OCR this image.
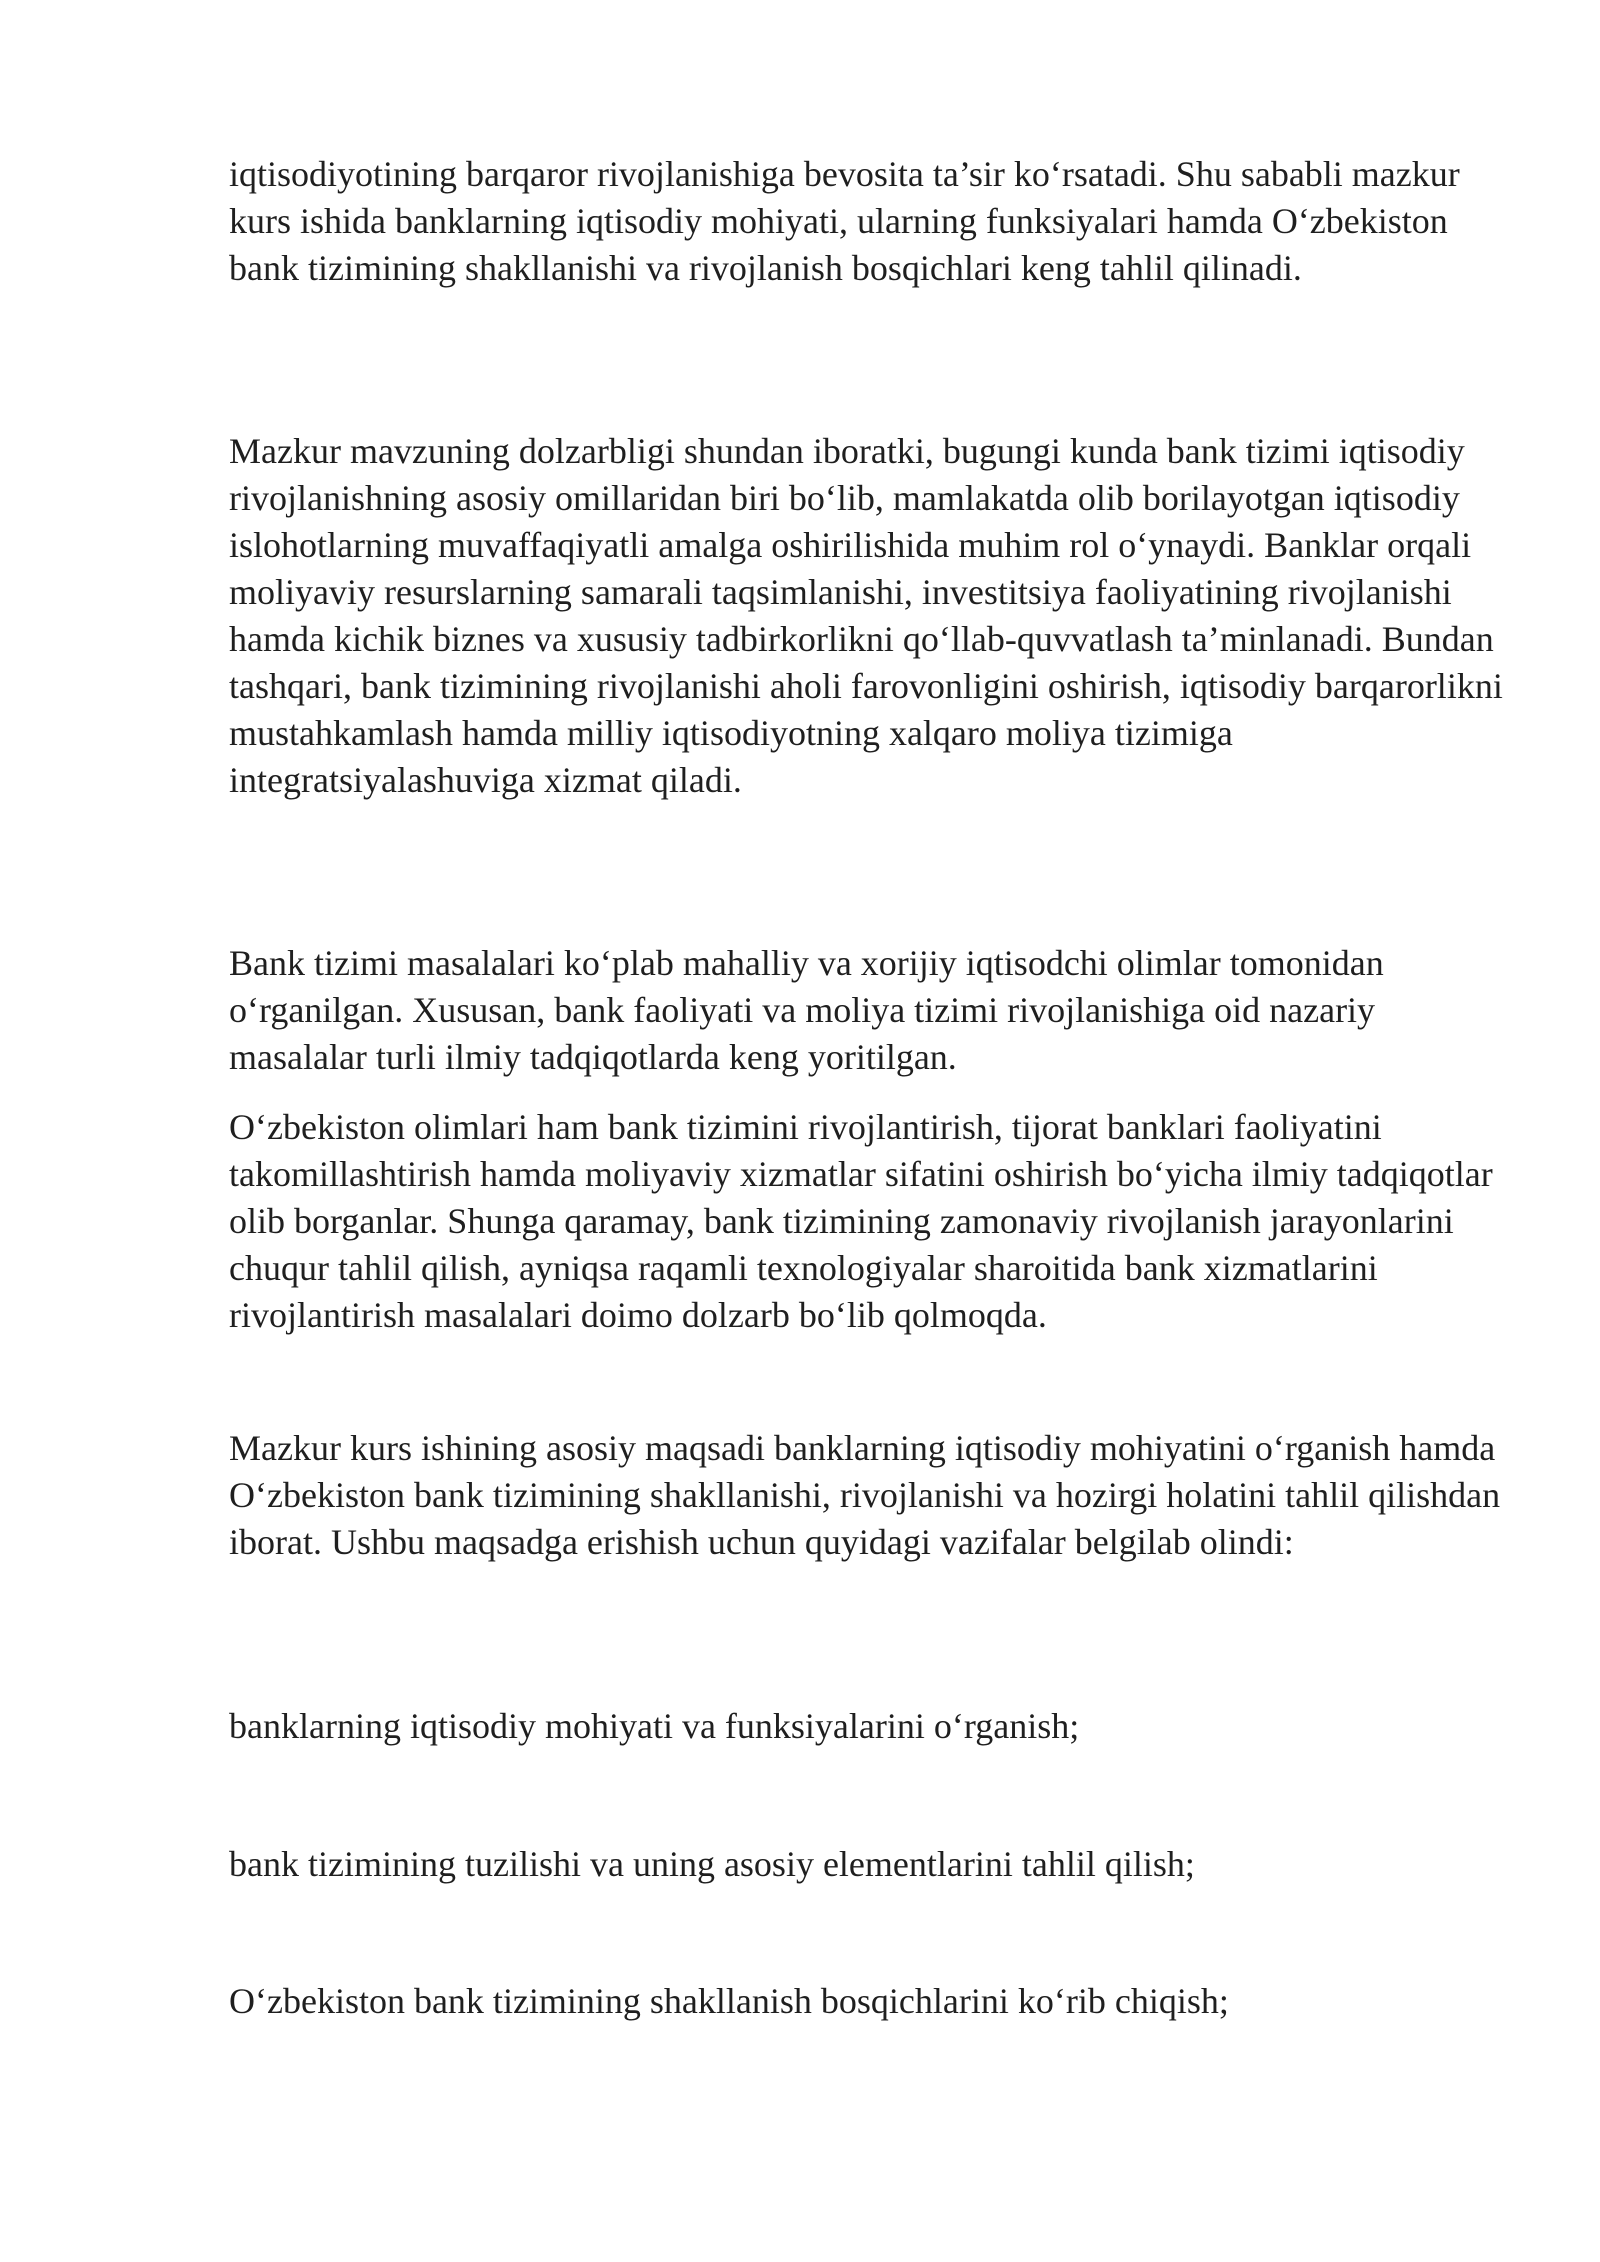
iqtisodiyotining barqaror rivojlanishiga bevosita ta’sir ko‘rsatadi. Shu sababli mazkur kurs ishida banklarning iqtisodiy mohiyati, ularning funksiyalari hamda O‘zbekiston bank tizimining shakllanishi va rivojlanish bosqichlari keng tahlil qilinadi.

Mazkur mavzuning dolzarbligi shundan iboratki, bugungi kunda bank tizimi iqtisodiy rivojlanishning asosiy omillaridan biri bo‘lib, mamlakatda olib borilayotgan iqtisodiy islohotlarning muvaffaqiyatli amalga oshirilishida muhim rol o‘ynaydi. Banklar orqali moliyaviy resurslarning samarali taqsimlanishi, investitsiya faoliyatining rivojlanishi hamda kichik biznes va xususiy tadbirkorlikni qo‘llab-quvvatlash ta’minlanadi. Bundan tashqari, bank tizimining rivojlanishi aholi farovonligini oshirish, iqtisodiy barqarorlikni mustahkamlash hamda milliy iqtisodiyotning xalqaro moliya tizimiga integratsiyalashuviga xizmat qiladi.

Bank tizimi masalalari ko‘plab mahalliy va xorijiy iqtisodchi olimlar tomonidan o‘rganilgan. Xususan, bank faoliyati va moliya tizimi rivojlanishiga oid nazariy masalalar turli ilmiy tadqiqotlarda keng yoritilgan.

O‘zbekiston olimlari ham bank tizimini rivojlantirish, tijorat banklari faoliyatini takomillashtirish hamda moliyaviy xizmatlar sifatini oshirish bo‘yicha ilmiy tadqiqotlar olib borganlar. Shunga qaramay, bank tizimining zamonaviy rivojlanish jarayonlarini chuqur tahlil qilish, ayniqsa raqamli texnologiyalar sharoitida bank xizmatlarini rivojlantirish masalalari doimo dolzarb bo‘lib qolmoqda.

Mazkur kurs ishining asosiy maqsadi banklarning iqtisodiy mohiyatini o‘rganish hamda O‘zbekiston bank tizimining shakllanishi, rivojlanishi va hozirgi holatini tahlil qilishdan iborat. Ushbu maqsadga erishish uchun quyidagi vazifalar belgilab olindi:

banklarning iqtisodiy mohiyati va funksiyalarini o‘rganish;

bank tizimining tuzilishi va uning asosiy elementlarini tahlil qilish;

O‘zbekiston bank tizimining shakllanish bosqichlarini ko‘rib chiqish;
